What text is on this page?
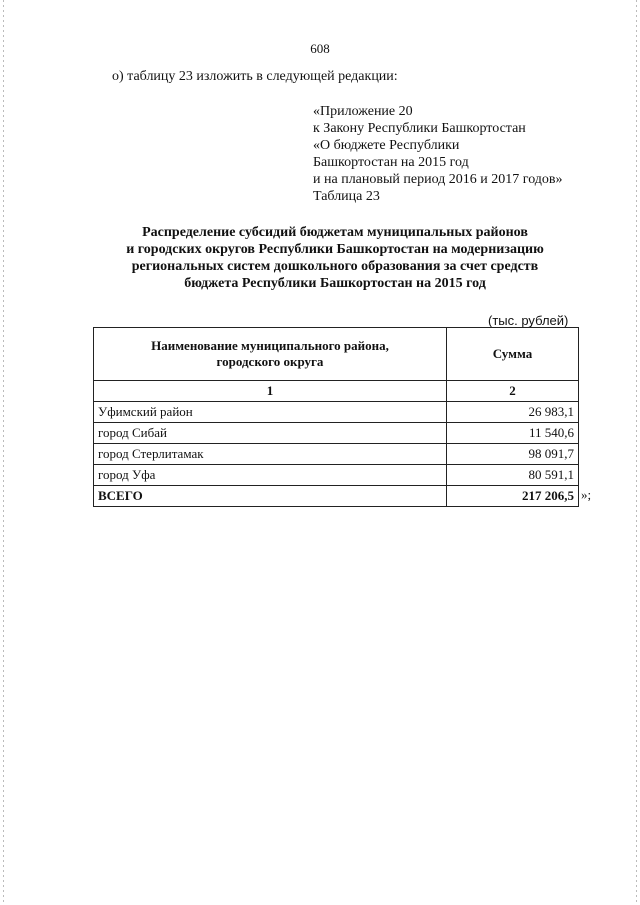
608
о) таблицу 23 изложить в следующей редакции:
«Приложение 20
к Закону Республики Башкортостан
«О бюджете Республики
Башкортостан на 2015 год
и на плановый период 2016 и 2017 годов»
Таблица 23
Распределение субсидий бюджетам муниципальных районов
и городских округов Республики Башкортостан на модернизацию
региональных систем дошкольного образования за счет средств
бюджета Республики Башкортостан на 2015 год
(тыс. рублей)
Наименование муниципального района,
городского округа	Сумма
1	2
Уфимский район	26 983,1
город Сибай	11 540,6
город Стерлитамак	98 091,7
город Уфа	80 591,1
ВСЕГО	217 206,5 »;
